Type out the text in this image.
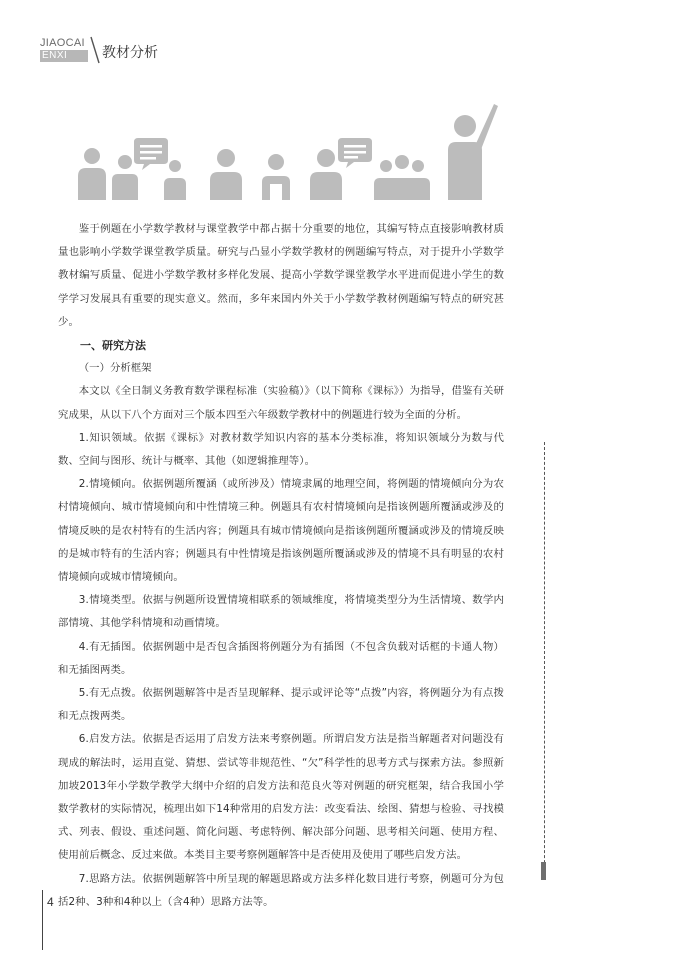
JIAOCAI
ENXI	教材分析

鉴于例题在小学数学教材与课堂教学中都占据十分重要的地位，其编写特点直接影响教材质量也影响小学数学课堂教学质量。研究与凸显小学数学教材的例题编写特点，对于提升小学数学教材编写质量、促进小学数学教材多样化发展、提高小学数学课堂教学水平进而促进小学生的数学学习发展具有重要的现实意义。然而，多年来国内外关于小学数学教材例题编写特点的研究甚少。

一、研究方法

（一）分析框架

本文以《全日制义务教育数学课程标准（实验稿）》（以下简称《课标》）为指导，借鉴有关研究成果，从以下八个方面对三个版本四至六年级数学教材中的例题进行较为全面的分析。

1.知识领域。依据《课标》对教材数学知识内容的基本分类标准，将知识领域分为数与代数、空间与图形、统计与概率、其他（如逻辑推理等）。

2.情境倾向。依据例题所覆涵（或所涉及）情境隶属的地理空间，将例题的情境倾向分为农村情境倾向、城市情境倾向和中性情境三种。例题具有农村情境倾向是指该例题所覆涵或涉及的情境反映的是农村特有的生活内容；例题具有城市情境倾向是指该例题所覆涵或涉及的情境反映的是城市特有的生活内容；例题具有中性情境是指该例题所覆涵或涉及的情境不具有明显的农村情境倾向或城市情境倾向。

3.情境类型。依据与例题所设置情境相联系的领域维度，将情境类型分为生活情境、数学内部情境、其他学科情境和动画情境。

4.有无插图。依据例题中是否包含插图将例题分为有插图（不包含负载对话框的卡通人物）和无插图两类。

5.有无点拨。依据例题解答中是否呈现解释、提示或评论等“点拨”内容，将例题分为有点拨和无点拨两类。

6.启发方法。依据是否运用了启发方法来考察例题。所谓启发方法是指当解题者对问题没有现成的解法时，运用直觉、猜想、尝试等非规范性、“欠”科学性的思考方式与探索方法。参照新加坡2013年小学数学教学大纲中介绍的启发方法和范良火等对例题的研究框架，结合我国小学数学教材的实际情况，梳理出如下14种常用的启发方法：改变看法、绘图、猜想与检验、寻找模式、列表、假设、重述问题、简化问题、考虑特例、解决部分问题、思考相关问题、使用方程、使用前后概念、反过来做。本类目主要考察例题解答中是否使用及使用了哪些启发方法。

7.思路方法。依据例题解答中所呈现的解题思路或方法多样化数目进行考察，例题可分为包括2种、3种和4种以上（含4种）思路方法等。

4
